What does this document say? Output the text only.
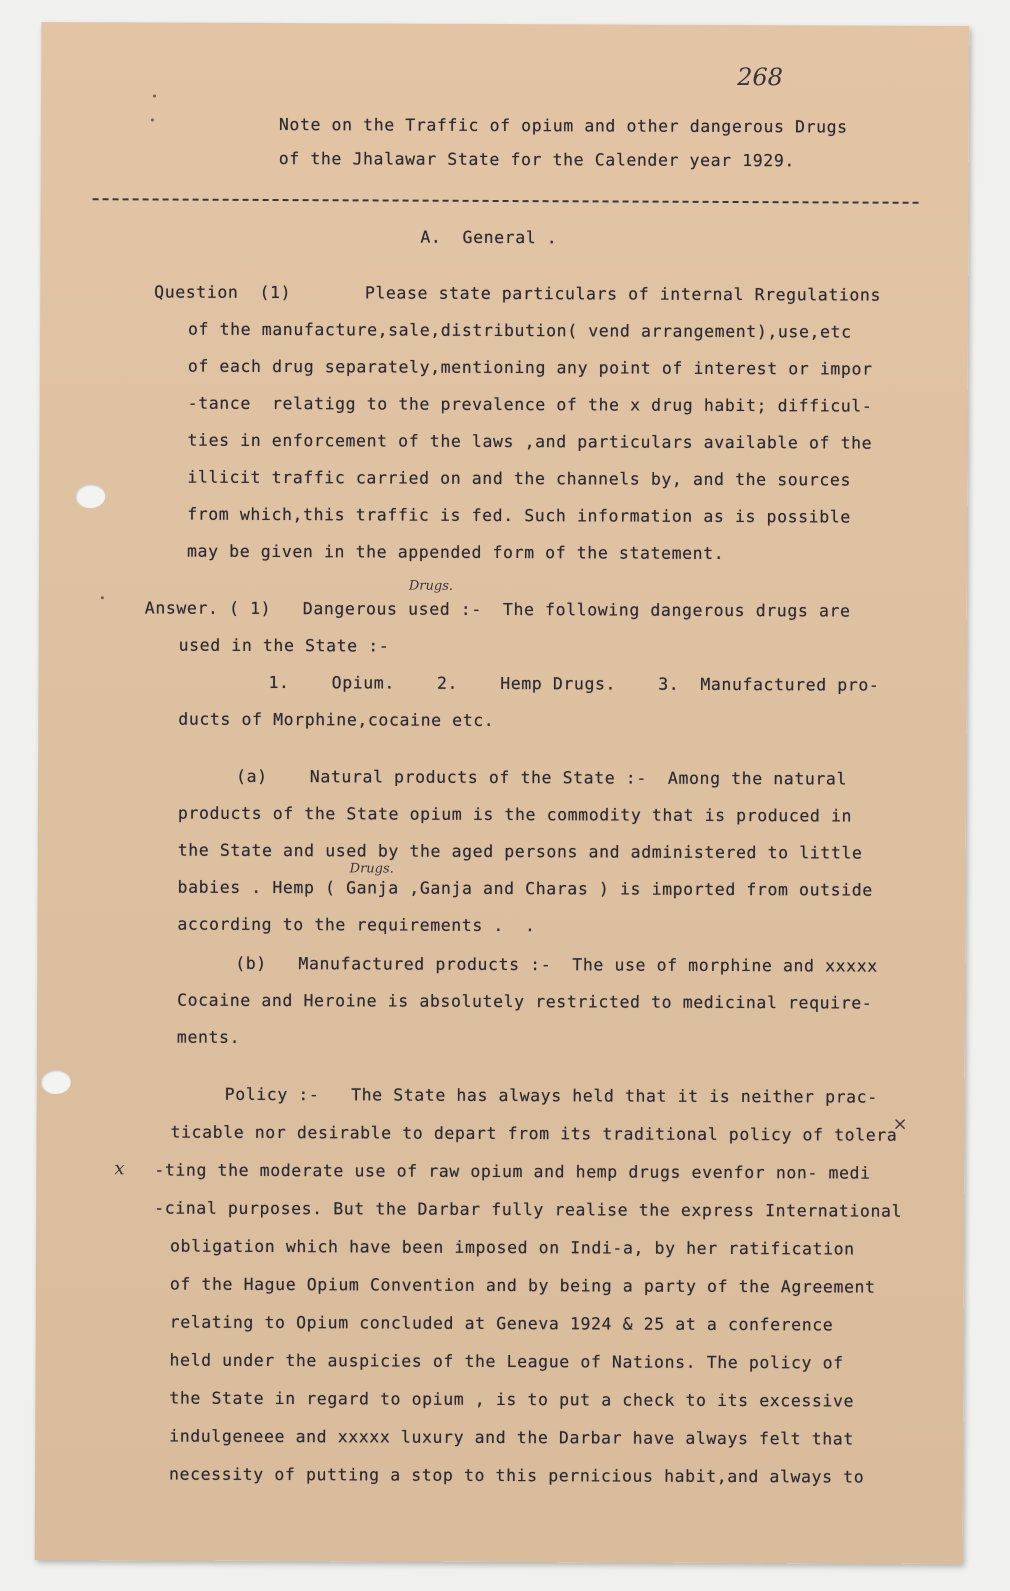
268
Note on the Traffic of opium and other dangerous Drugs
of the Jhalawar State for the Calender year 1929.
A.  General .
Question  (1)       Please state particulars of internal Rregulations
of the manufacture,sale,distribution( vend arrangement),use,etc
of each drug separately,mentioning any point of interest or impor
-tance  relatigg to the prevalence of the x drug habit; difficul-
ties in enforcement of the laws ,and particulars available of the
illicit traffic carried on and the channels by, and the sources
from which,this traffic is fed. Such information as is possible
may be given in the appended form of the statement.
Drugs.
Answer. ( 1)   Dangerous used :-  The following dangerous drugs are
used in the State :-
1.    Opium.    2.    Hemp Drugs.    3.  Manufactured pro-
ducts of Morphine,cocaine etc.
(a)    Natural products of the State :-  Among the natural
products of the State opium is the commodity that is produced in
the State and used by the aged persons and administered to little
Drugs.
babies . Hemp ( Ganja ,Ganja and Charas ) is imported from outside
according to the requirements .  .
(b)   Manufactured products :-  The use of morphine and xxxxx
Cocaine and Heroine is absolutely restricted to medicinal require-
ments.
Policy :-   The State has always held that it is neither prac-
×
ticable nor desirable to depart from its traditional policy of tolera
x -ting the moderate use of raw opium and hemp drugs evenfor non- medi
-cinal purposes. But the Darbar fully realise the express International
obligation which have been imposed on Indi-a, by her ratification
of the Hague Opium Convention and by being a party of the Agreement
relating to Opium concluded at Geneva 1924 & 25 at a conference
held under the auspicies of the League of Nations. The policy of
the State in regard to opium , is to put a check to its excessive
indulgeneee and xxxxx luxury and the Darbar have always felt that
necessity of putting a stop to this pernicious habit,and always to
